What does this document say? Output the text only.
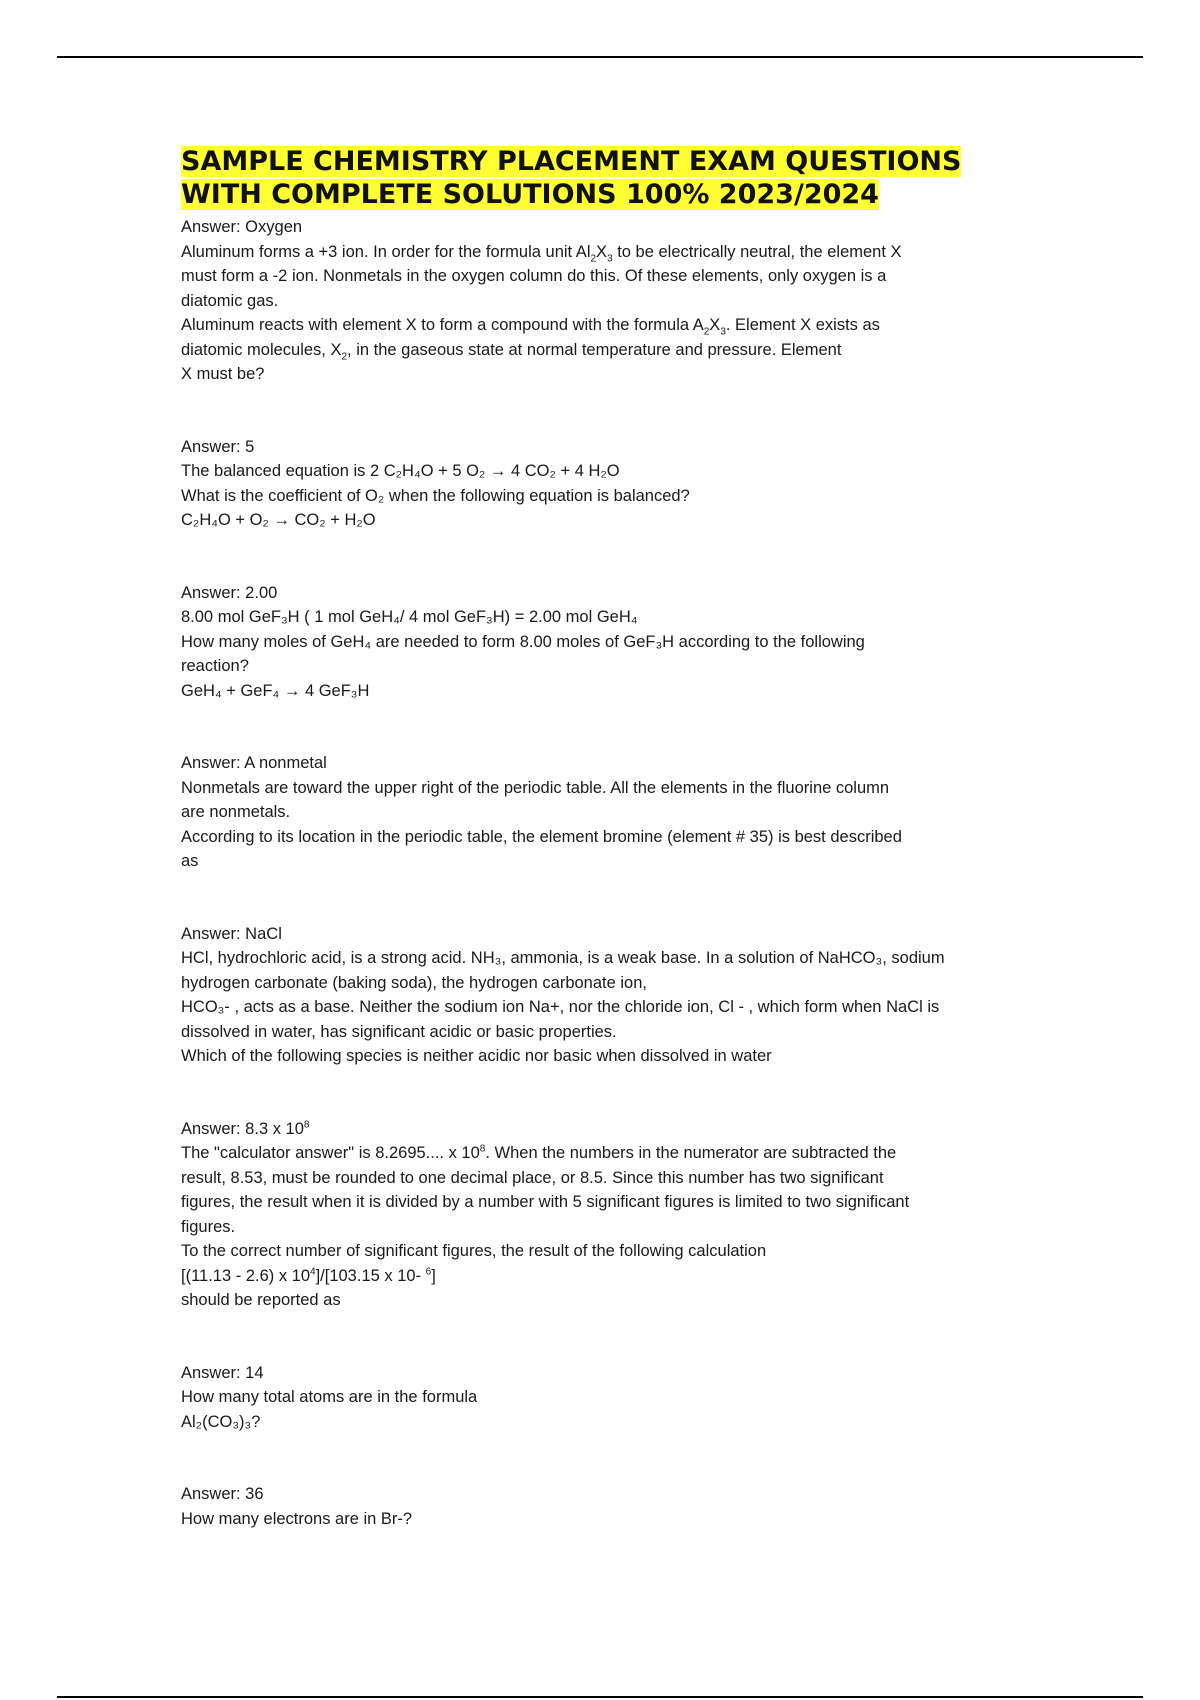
SAMPLE CHEMISTRY PLACEMENT EXAM QUESTIONS
WITH COMPLETE SOLUTIONS 100% 2023/2024

Answer: Oxygen

Aluminum forms a +3 ion. In order for the formula unit $Al_2X_3$ to be electrically neutral, the element X

must form a -2 ion. Nonmetals in the oxygen column do this. Of these elements, only oxygen is a

diatomic gas.

Aluminum reacts with element X to form a compound with the formula $A_2X_3$. Element X exists as

diatomic molecules, $X_2$, in the gaseous state at normal temperature and pressure. Element

X must be?

Answer: 5

The balanced equation is 2 C₂H₄O + 5 O₂ → 4 CO₂ + 4 H₂O

What is the coefficient of O₂ when the following equation is balanced?

C₂H₄O + O₂ → CO₂ + H₂O

Answer: 2.00

8.00 mol GeF₃H ( 1 mol GeH₄/ 4 mol GeF₃H) = 2.00 mol GeH₄

How many moles of GeH₄ are needed to form 8.00 moles of GeF₃H according to the following

reaction?

GeH₄ + GeF₄ → 4 GeF₃H

Answer: A nonmetal

Nonmetals are toward the upper right of the periodic table. All the elements in the fluorine column

are nonmetals.

According to its location in the periodic table, the element bromine (element # 35) is best described

as

Answer: NaCl

HCl, hydrochloric acid, is a strong acid. NH₃, ammonia, is a weak base. In a solution of NaHCO₃, sodium

hydrogen carbonate (baking soda), the hydrogen carbonate ion,

HCO₃- , acts as a base. Neither the sodium ion Na+, nor the chloride ion, Cl - , which form when NaCl is

dissolved in water, has significant acidic or basic properties.

Which of the following species is neither acidic nor basic when dissolved in water

Answer: 8.3 x $10^8$

The "calculator answer" is 8.2695.... x $10^8$. When the numbers in the numerator are subtracted the

result, 8.53, must be rounded to one decimal place, or 8.5. Since this number has two significant

figures, the result when it is divided by a number with 5 significant figures is limited to two significant

figures.

To the correct number of significant figures, the result of the following calculation

[(11.13 - 2.6) x $10^4]/[103.15$ x 10- $^6$]

should be reported as

Answer: 14

How many total atoms are in the formula

Al₂(CO₃)₃?

Answer: 36

How many electrons are in Br-?
